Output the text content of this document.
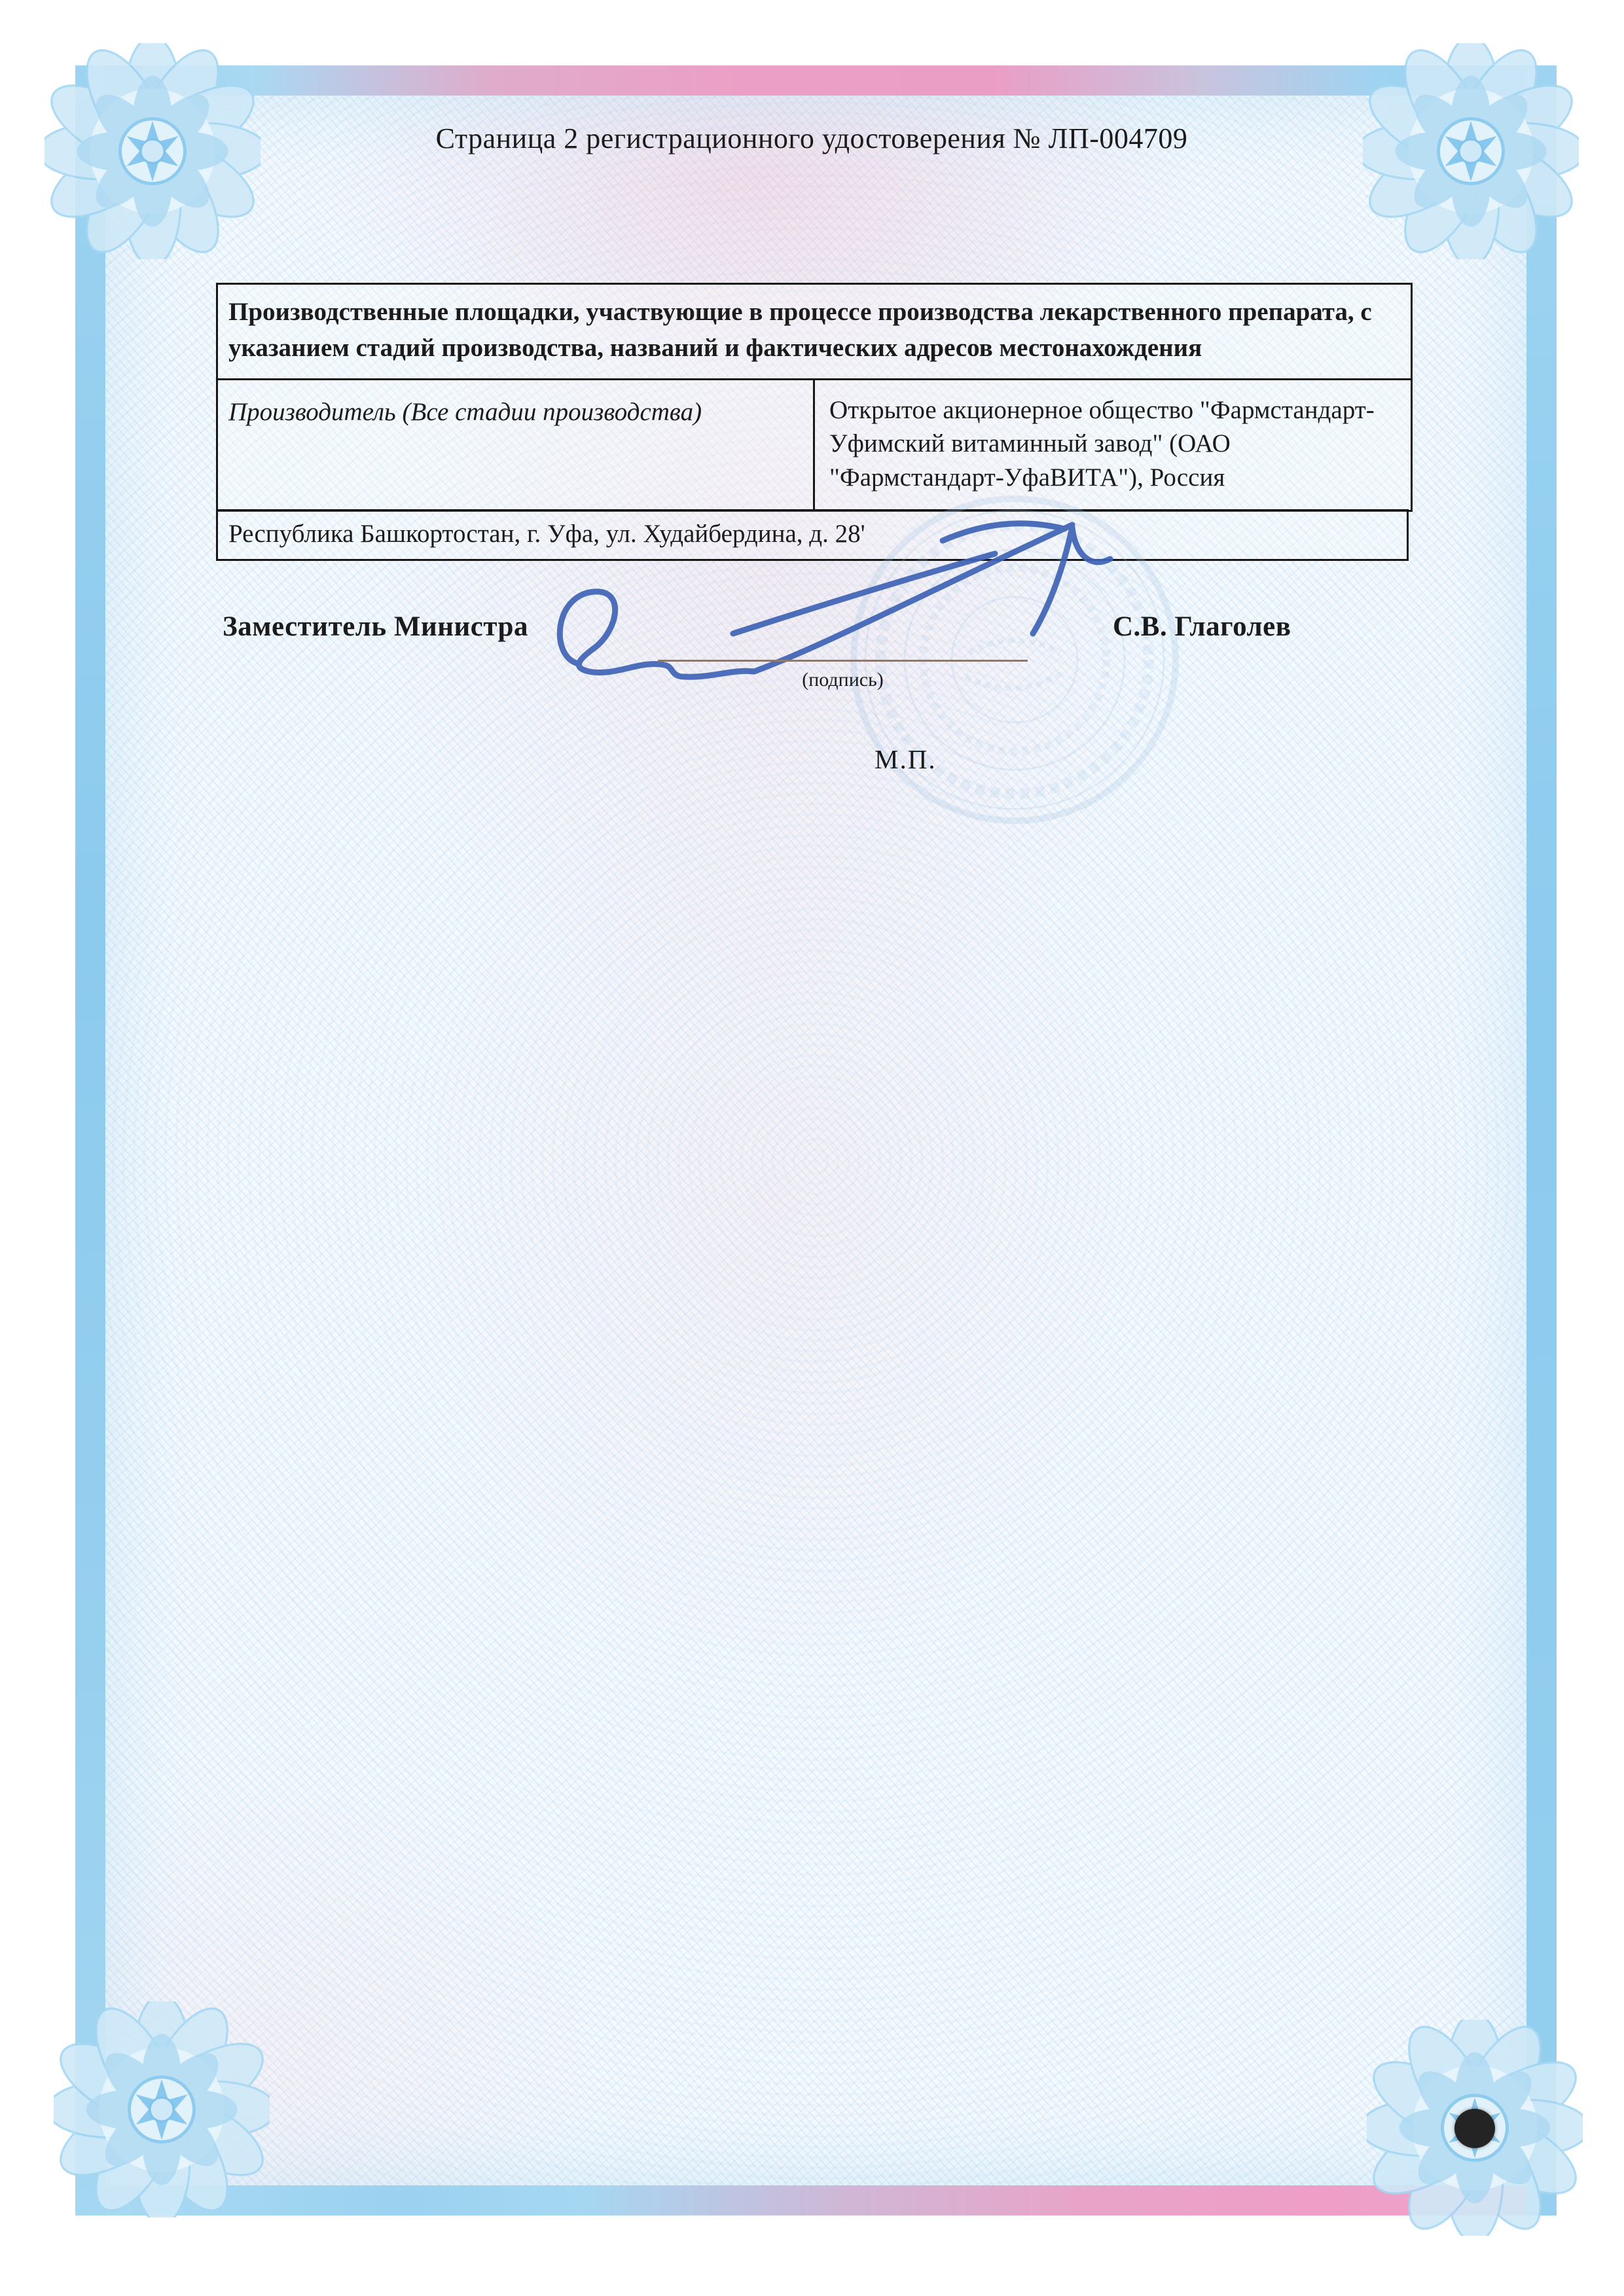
Страница 2 регистрационного удостоверения № ЛП-004709
Производственные площадки, участвующие в процессе производства лекарственного препарата, с указанием стадий производства, названий и фактических адресов местонахождения
Производитель (Все стадии производства)	Открытое акционерное общество "Фармстандарт-Уфимский витаминный завод" (ОАО "Фармстандарт-УфаВИТА"), Россия
Республика Башкортостан, г. Уфа, ул. Худайбердина, д. 28'
Заместитель Министра
(подпись)
С.В. Глаголев
М.П.
